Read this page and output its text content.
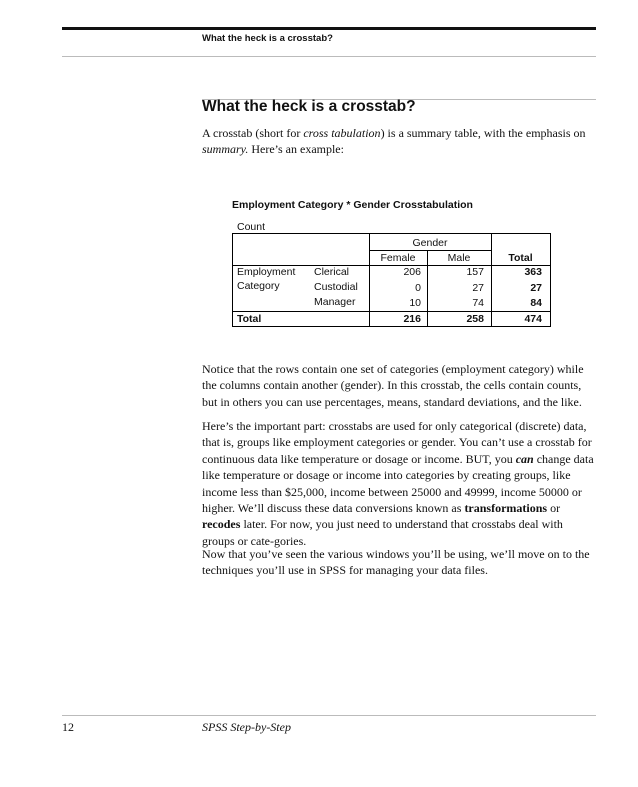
What the heck is a crosstab?
What the heck is a crosstab?

A crosstab (short for cross tabulation) is a summary table, with the emphasis on summary. Here’s an example:

Employment Category * Gender Crosstabulation
Count
Gender
Female	Male	Total
Employment
Category
Clerical	206	157	363
Custodial	0	27	27
Manager	10	74	84
Total	216	258	474

Notice that the rows contain one set of categories (employment category) while the columns contain another (gender). In this crosstab, the cells contain counts, but in others you can use percentages, means, standard deviations, and the like.

Here’s the important part: crosstabs are used for only categorical (discrete) data, that is, groups like employment categories or gender. You can’t use a crosstab for continuous data like temperature or dosage or income. BUT, you can change data like temperature or dosage or income into categories by creating groups, like income less than $25,000, income between 25000 and 49999, income 50000 or higher. We’ll discuss these data conversions known as transformations or recodes later. For now, you just need to understand that crosstabs deal with groups or cate-gories.

Now that you’ve seen the various windows you’ll be using, we’ll move on to the techniques you’ll use in SPSS for managing your data files.

12	SPSS Step-by-Step
